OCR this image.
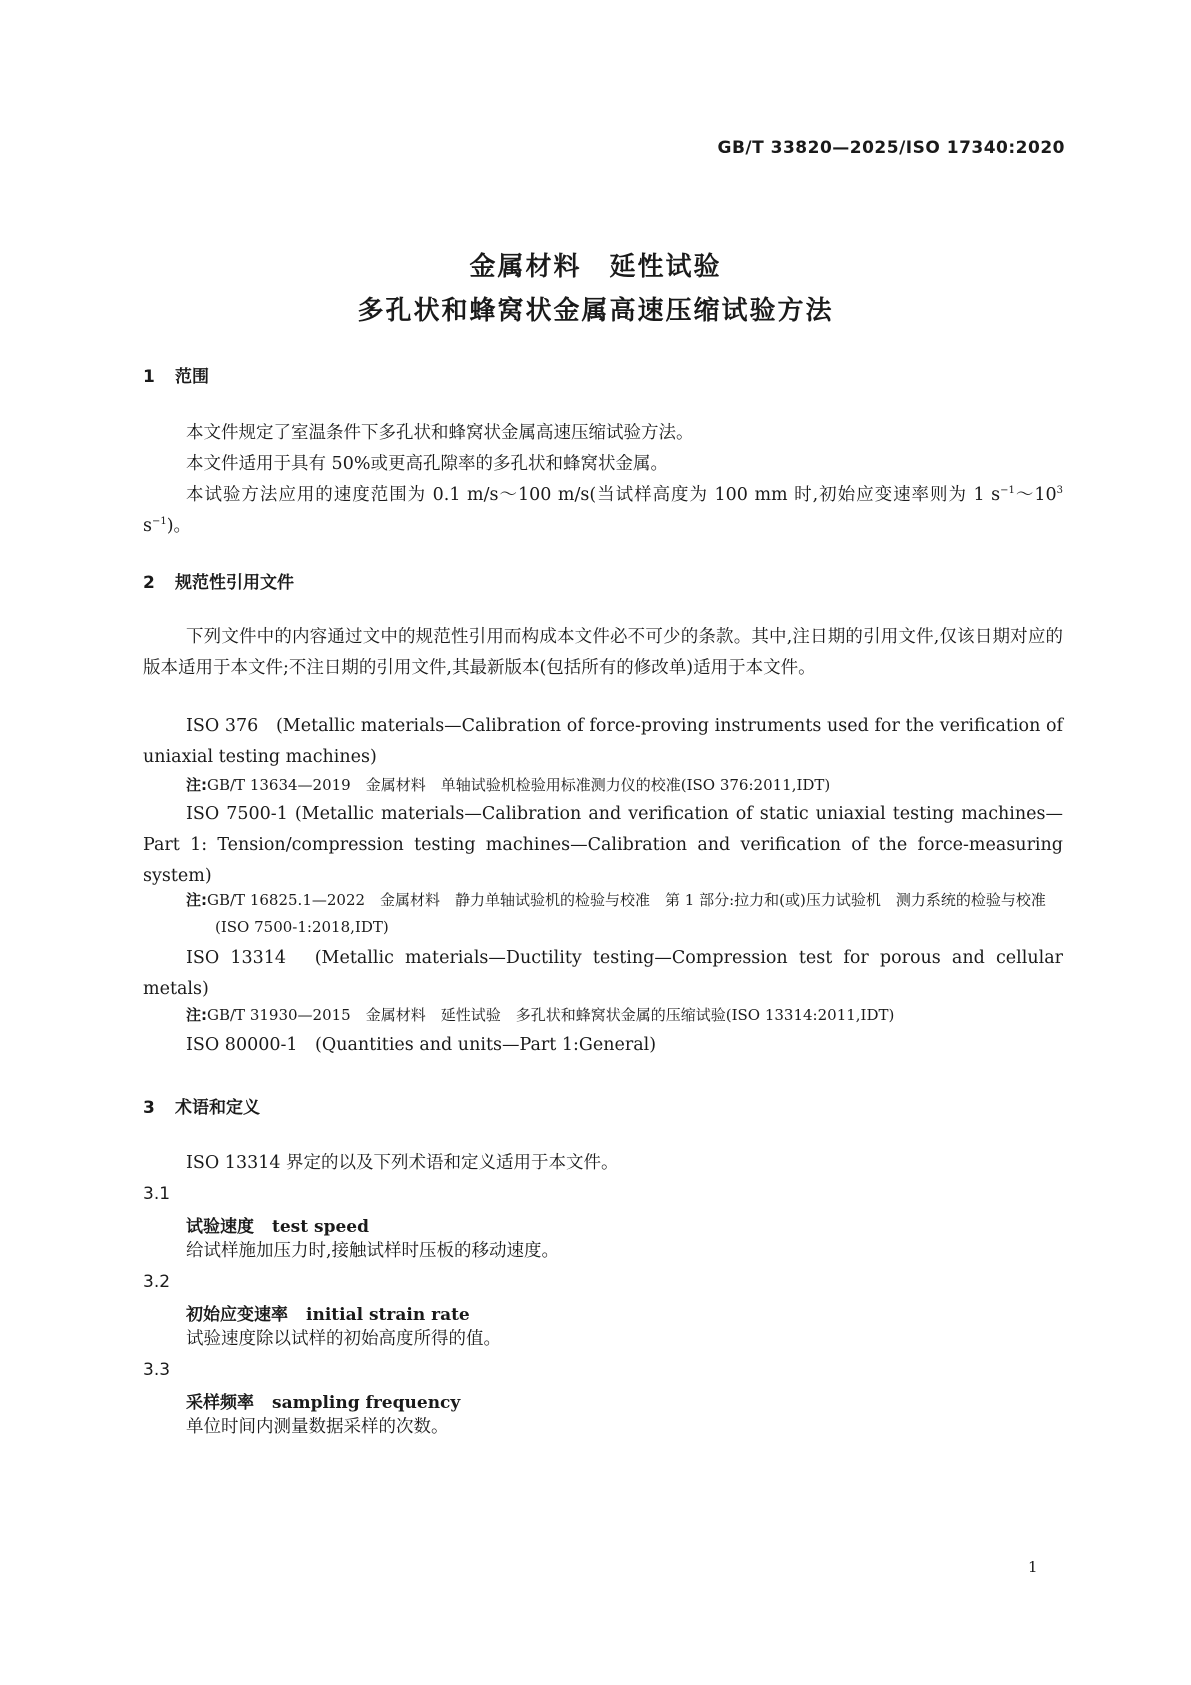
GB/T 33820—2025/ISO 17340:2020
金属材料　延性试验
多孔状和蜂窝状金属高速压缩试验方法
1 范围

本文件规定了室温条件下多孔状和蜂窝状金属高速压缩试验方法。

本文件适用于具有 50%或更高孔隙率的多孔状和蜂窝状金属。

本试验方法应用的速度范围为 0.1 m/s～100 m/s(当试样高度为 100 mm 时,初始应变速率则为 1 $s^{-1}\sim 10^3$ $s^{-1}$)。

2 规范性引用文件

下列文件中的内容通过文中的规范性引用而构成本文件必不可少的条款。其中,注日期的引用文件,仅该日期对应的版本适用于本文件;不注日期的引用文件,其最新版本(包括所有的修改单)适用于本文件。

ISO 376　(Metallic materials—Calibration of force-proving instruments used for the verification of uniaxial testing machines)

注:GB/T 13634—2019　金属材料　单轴试验机检验用标准测力仪的校准(ISO 376:2011,IDT)

ISO 7500-1 (Metallic materials—Calibration and verification of static uniaxial testing machines—Part 1: Tension/compression testing machines—Calibration and verification of the force-measuring system)

注:GB/T 16825.1—2022　金属材料　静力单轴试验机的检验与校准　第 1 部分:拉力和(或)压力试验机　测力系统的检验与校准(ISO 7500-1:2018,IDT)

ISO 13314　(Metallic materials—Ductility testing—Compression test for porous and cellular metals)

注:GB/T 31930—2015　金属材料　延性试验　多孔状和蜂窝状金属的压缩试验(ISO 13314:2011,IDT)

ISO 80000-1　(Quantities and units—Part 1:General)

3 术语和定义

ISO 13314 界定的以及下列术语和定义适用于本文件。

3.1
试验速度 test speed

给试样施加压力时,接触试样时压板的移动速度。

3.2
初始应变速率 initial strain rate

试验速度除以试样的初始高度所得的值。

3.3
采样频率 sampling frequency

单位时间内测量数据采样的次数。

1
